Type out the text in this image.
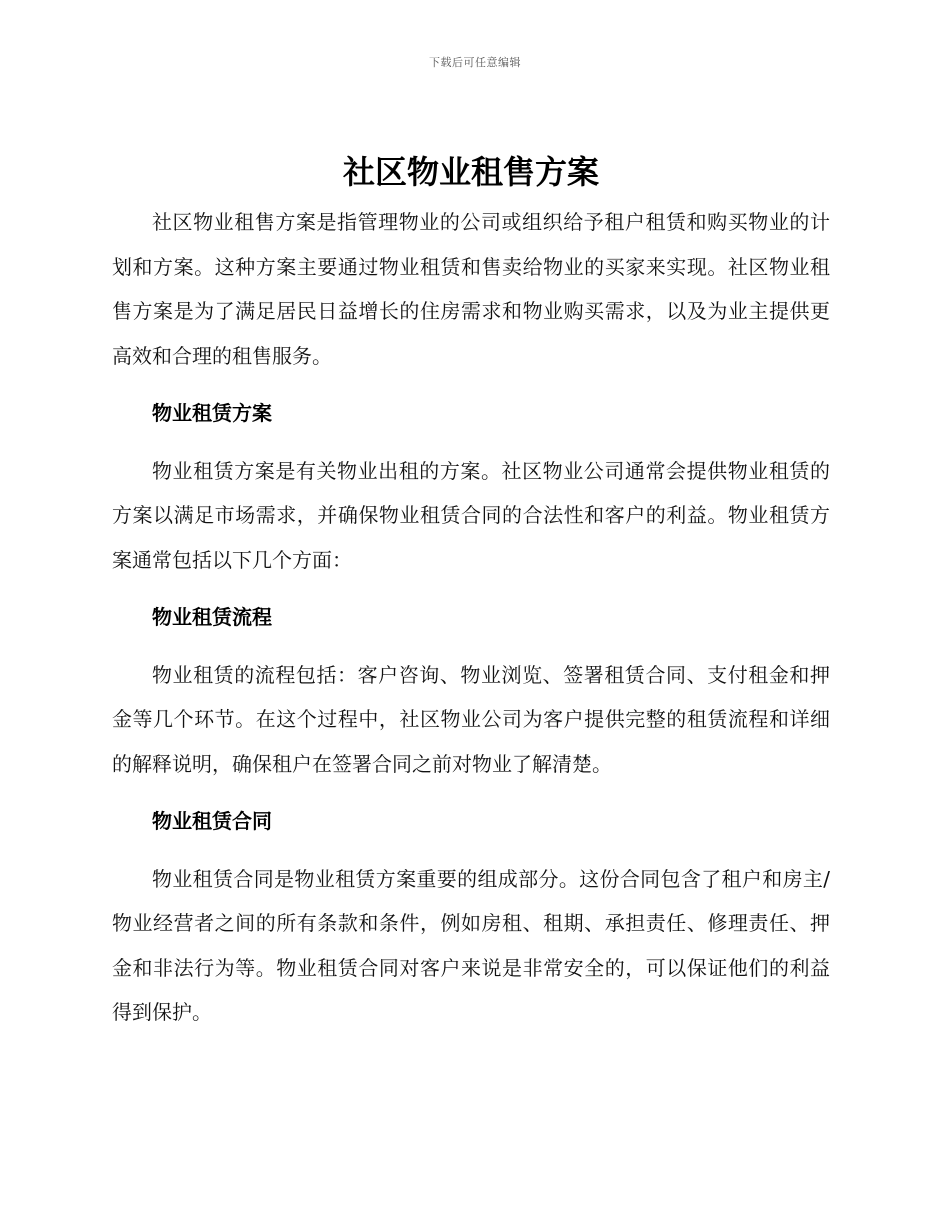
下载后可任意编辑
社区物业租售方案

社区物业租售方案是指管理物业的公司或组织给予租户租赁和购买物业的计划和方案。这种方案主要通过物业租赁和售卖给物业的买家来实现。社区物业租售方案是为了满足居民日益增长的住房需求和物业购买需求，以及为业主提供更高效和合理的租售服务。

物业租赁方案

物业租赁方案是有关物业出租的方案。社区物业公司通常会提供物业租赁的方案以满足市场需求，并确保物业租赁合同的合法性和客户的利益。物业租赁方案通常包括以下几个方面：

物业租赁流程

物业租赁的流程包括：客户咨询、物业浏览、签署租赁合同、支付租金和押金等几个环节。在这个过程中，社区物业公司为客户提供完整的租赁流程和详细的解释说明，确保租户在签署合同之前对物业了解清楚。

物业租赁合同

物业租赁合同是物业租赁方案重要的组成部分。这份合同包含了租户和房主/物业经营者之间的所有条款和条件，例如房租、租期、承担责任、修理责任、押金和非法行为等。物业租赁合同对客户来说是非常安全的，可以保证他们的利益得到保护。
